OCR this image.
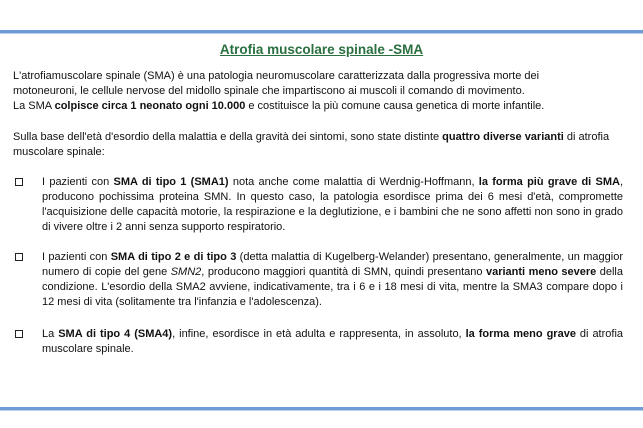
Atrofia muscolare spinale -SMA
L'atrofiamuscolare spinale (SMA) è una patologia neuromuscolare caratterizzata dalla progressiva morte dei
motoneuroni, le cellule nervose del midollo spinale che impartiscono ai muscoli il comando di movimento.
La SMA colpisce circa 1 neonato ogni 10.000 e costituisce la più comune causa genetica di morte infantile.
Sulla base dell'età d'esordio della malattia e della gravità dei sintomi, sono state distinte quattro diverse varianti di atrofia muscolare spinale:
I pazienti con SMA di tipo 1 (SMA1) nota anche come malattia di Werdnig-Hoffmann, la forma più grave di SMA, producono pochissima proteina SMN. In questo caso, la patologia esordisce prima dei 6 mesi d'età, compromette l'acquisizione delle capacità motorie, la respirazione e la deglutizione, e i bambini che ne sono affetti non sono in grado di vivere oltre i 2 anni senza supporto respiratorio.
I pazienti con SMA di tipo 2 e di tipo 3 (detta malattia di Kugelberg-Welander) presentano, generalmente, un maggior numero di copie del gene SMN2, producono maggiori quantità di SMN, quindi presentano varianti meno severe della condizione. L'esordio della SMA2 avviene, indicativamente, tra i 6 e i 18 mesi di vita, mentre la SMA3 compare dopo i 12 mesi di vita (solitamente tra l'infanzia e l'adolescenza).
La SMA di tipo 4 (SMA4), infine, esordisce in età adulta e rappresenta, in assoluto, la forma meno grave di atrofia muscolare spinale.
